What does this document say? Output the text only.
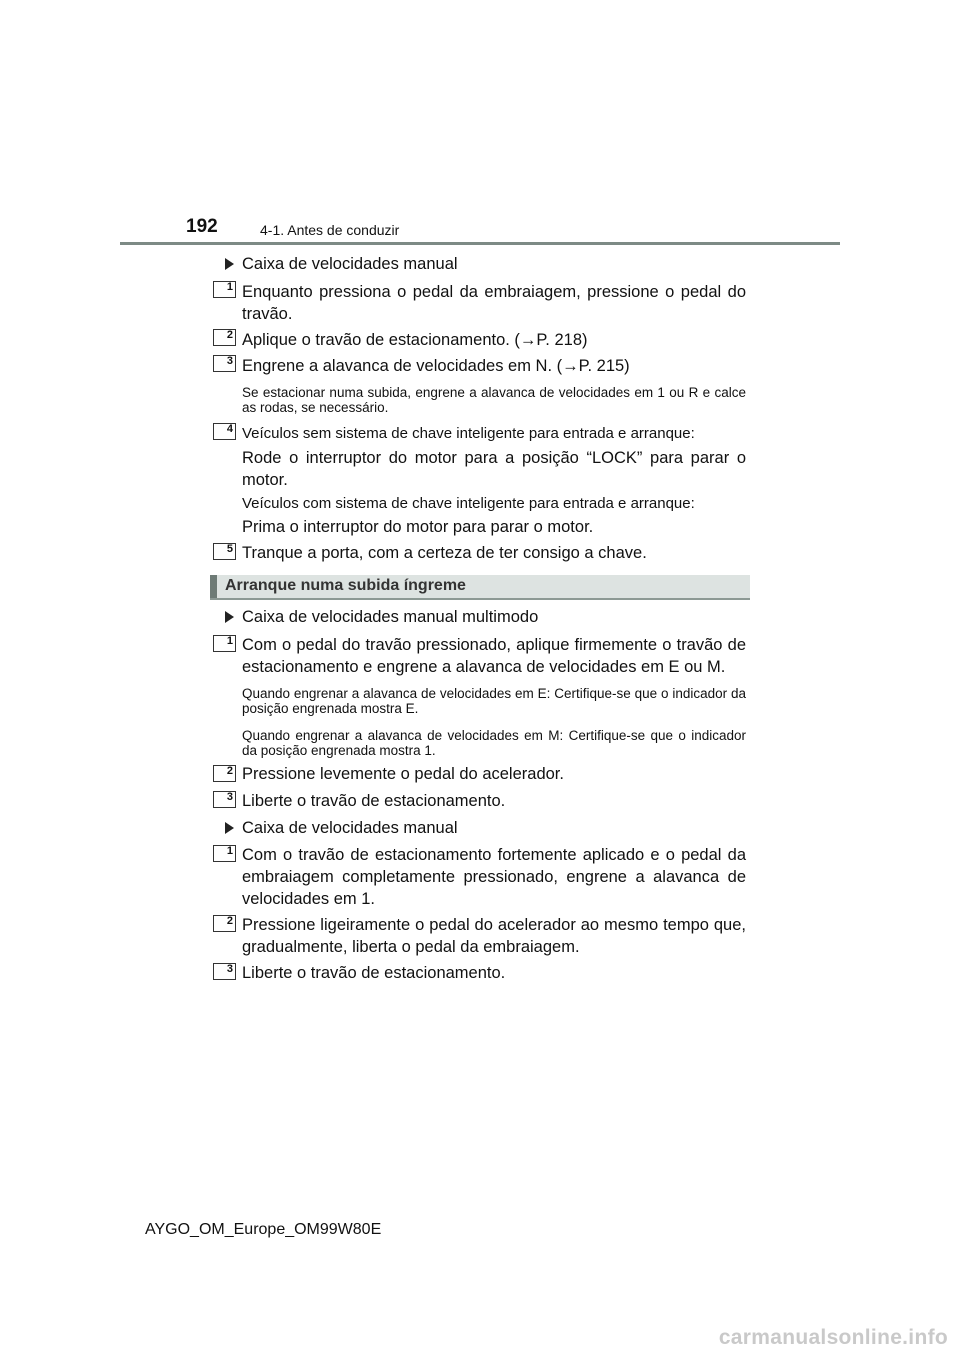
192	4-1. Antes de conduzir
Caixa de velocidades manual
1 Enquanto pressiona o pedal da embraiagem, pressione o pedal do travão.
2 Aplique o travão de estacionamento. (→P. 218)
3 Engrene a alavanca de velocidades em N. (→P. 215)
Se estacionar numa subida, engrene a alavanca de velocidades em 1 ou R e calce as rodas, se necessário.
4 Veículos sem sistema de chave inteligente para entrada e arranque:
Rode o interruptor do motor para a posição “LOCK” para parar o motor.
Veículos com sistema de chave inteligente para entrada e arranque:
Prima o interruptor do motor para parar o motor.
5 Tranque a porta, com a certeza de ter consigo a chave.
Arranque numa subida íngreme
Caixa de velocidades manual multimodo
1 Com o pedal do travão pressionado, aplique firmemente o travão de estacionamento e engrene a alavanca de velocidades em E ou M.
Quando engrenar a alavanca de velocidades em E: Certifique-se que o indicador da posição engrenada mostra E.
Quando engrenar a alavanca de velocidades em M: Certifique-se que o indicador da posição engrenada mostra 1.
2 Pressione levemente o pedal do acelerador.
3 Liberte o travão de estacionamento.
Caixa de velocidades manual
1 Com o travão de estacionamento fortemente aplicado e o pedal da embraiagem completamente pressionado, engrene a alavanca de velocidades em 1.
2 Pressione ligeiramente o pedal do acelerador ao mesmo tempo que, gradualmente, liberta o pedal da embraiagem.
3 Liberte o travão de estacionamento.
AYGO_OM_Europe_OM99W80E
carmanualsonline.info
